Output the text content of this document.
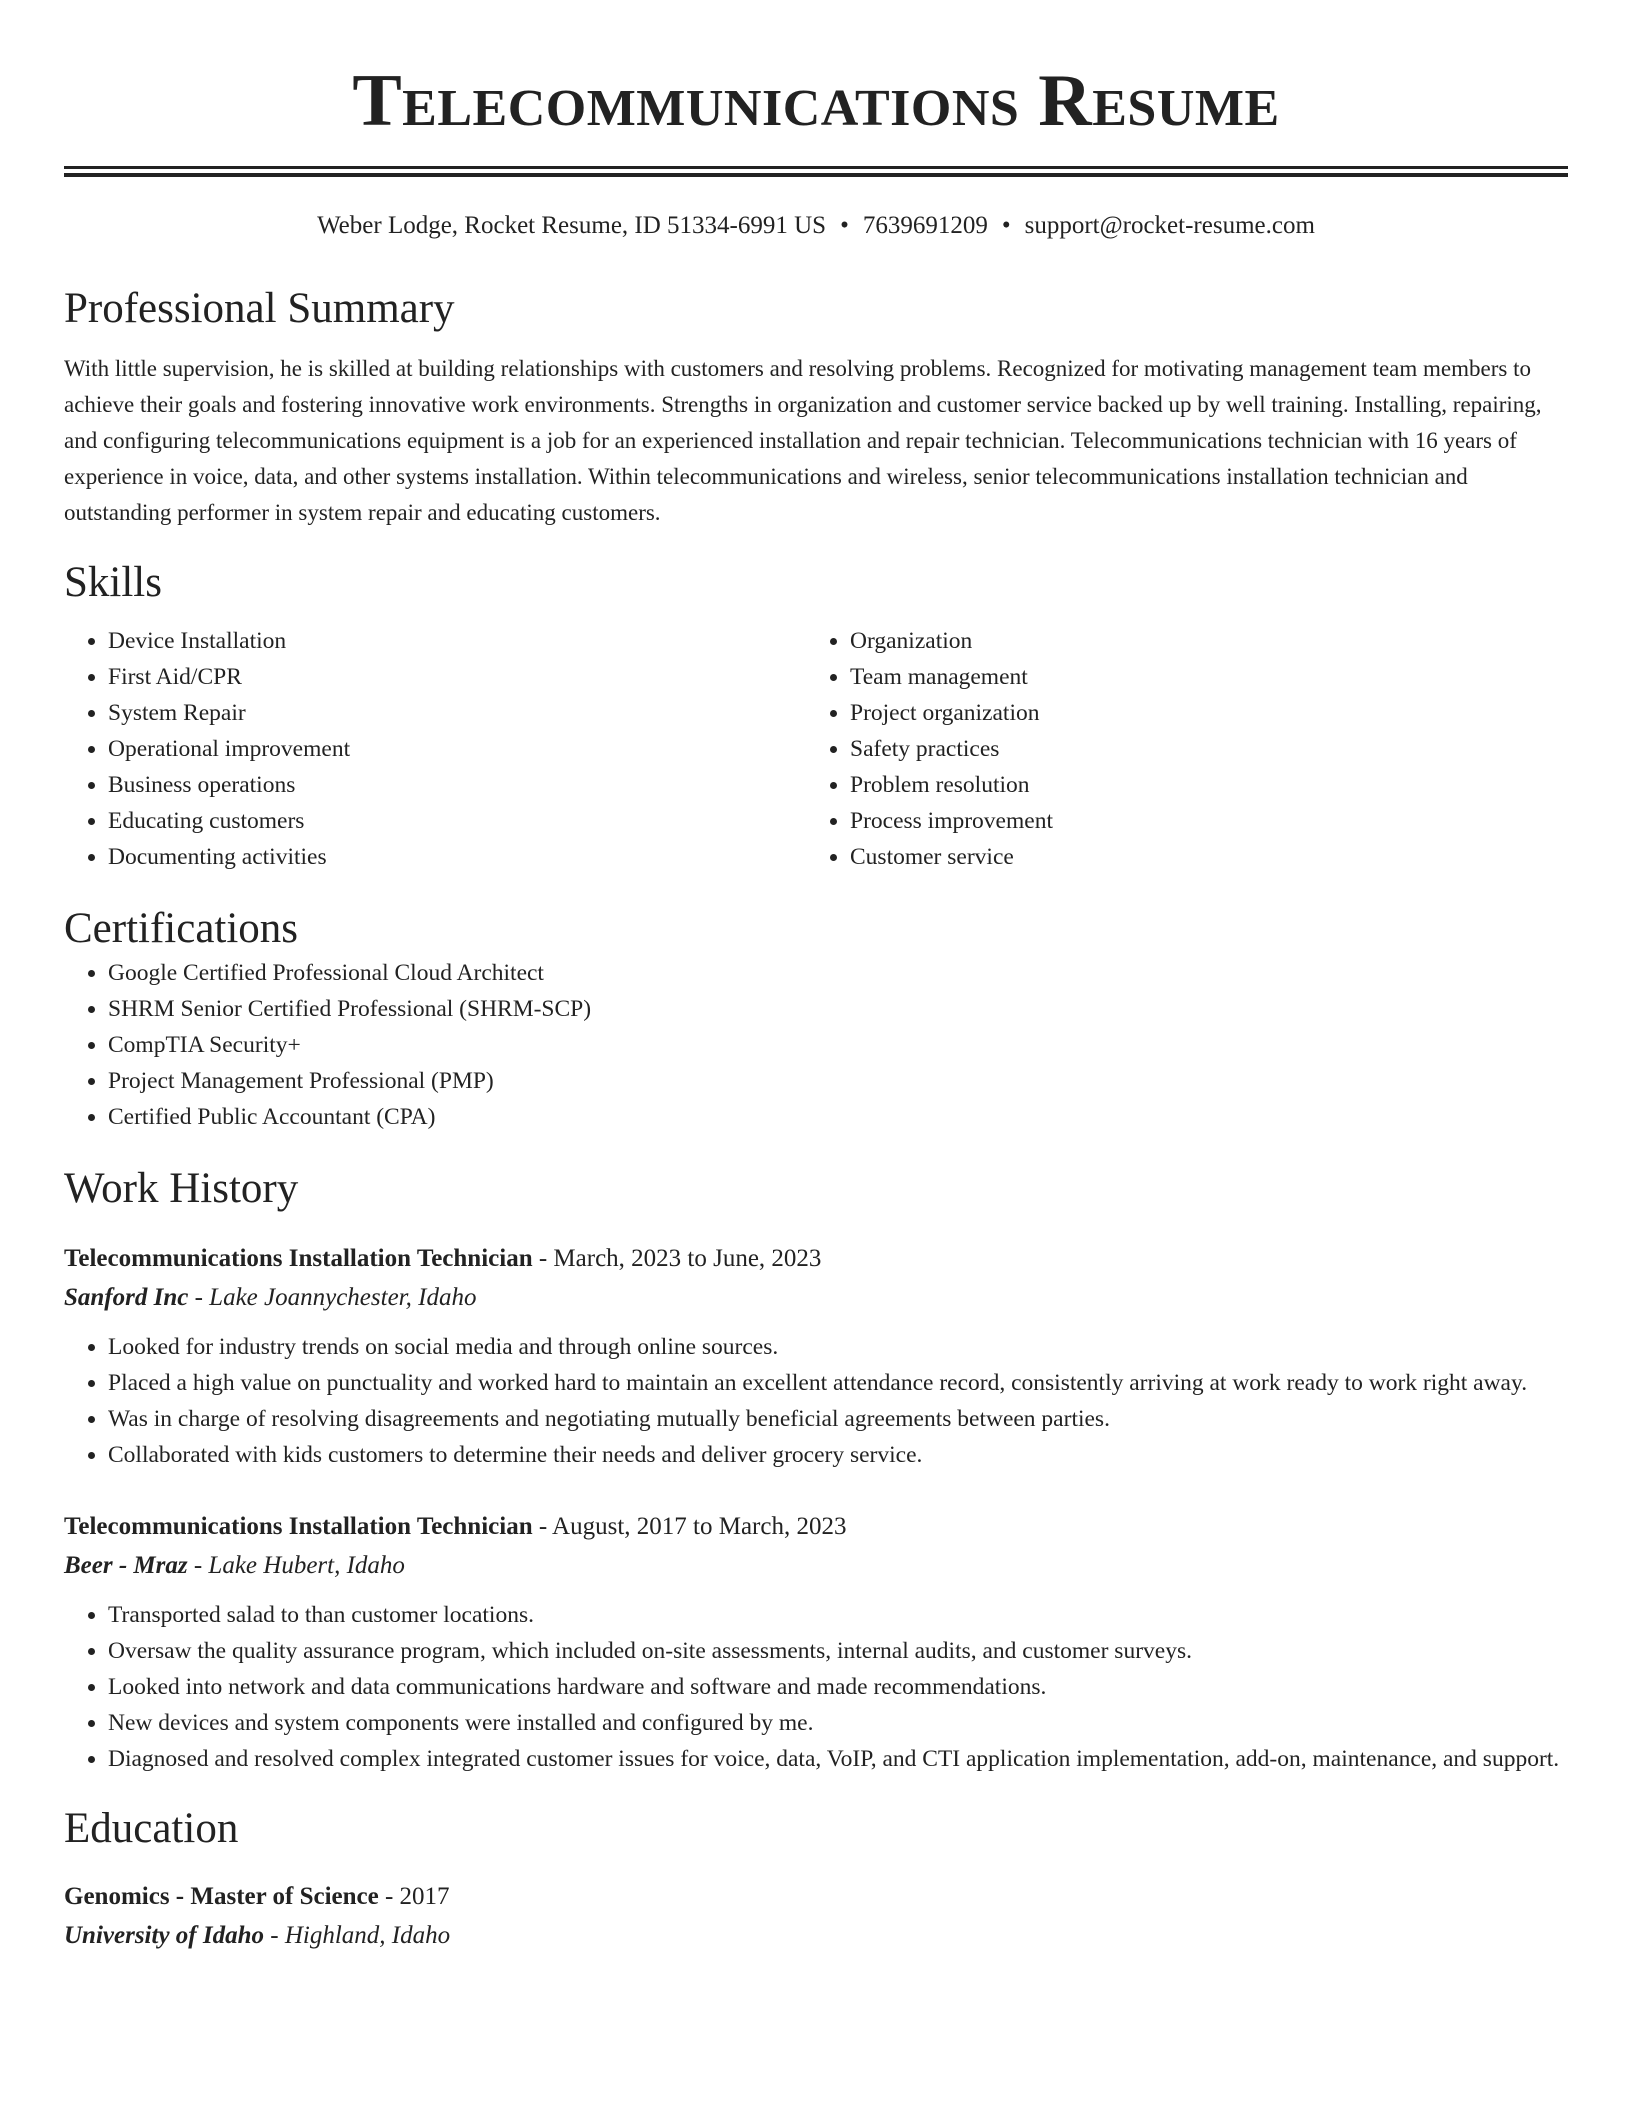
Telecommunications Resume
Weber Lodge, Rocket Resume, ID 51334-6991 US • 7639691209 • support@rocket-resume.com
Professional Summary

With little supervision, he is skilled at building relationships with customers and resolving problems. Recognized for motivating management team members to achieve their goals and fostering innovative work environments. Strengths in organization and customer service backed up by well training. Installing, repairing, and configuring telecommunications equipment is a job for an experienced installation and repair technician. Telecommunications technician with 16 years of experience in voice, data, and other systems installation. Within telecommunications and wireless, senior telecommunications installation technician and outstanding performer in system repair and educating customers.

Skills
• Device Installation
• First Aid/CPR
• System Repair
• Operational improvement
• Business operations
• Educating customers
• Documenting activities
• Organization
• Team management
• Project organization
• Safety practices
• Problem resolution
• Process improvement
• Customer service
Certifications
• Google Certified Professional Cloud Architect
• SHRM Senior Certified Professional (SHRM-SCP)
• CompTIA Security+
• Project Management Professional (PMP)
• Certified Public Accountant (CPA)
Work History
Telecommunications Installation Technician - March, 2023 to June, 2023
Sanford Inc - Lake Joannychester, Idaho
• Looked for industry trends on social media and through online sources.
• Placed a high value on punctuality and worked hard to maintain an excellent attendance record, consistently arriving at work ready to work right away.
• Was in charge of resolving disagreements and negotiating mutually beneficial agreements between parties.
• Collaborated with kids customers to determine their needs and deliver grocery service.
Telecommunications Installation Technician - August, 2017 to March, 2023
Beer - Mraz - Lake Hubert, Idaho
• Transported salad to than customer locations.
• Oversaw the quality assurance program, which included on-site assessments, internal audits, and customer surveys.
• Looked into network and data communications hardware and software and made recommendations.
• New devices and system components were installed and configured by me.
• Diagnosed and resolved complex integrated customer issues for voice, data, VoIP, and CTI application implementation, add-on, maintenance, and support.
Education
Genomics - Master of Science - 2017
University of Idaho - Highland, Idaho
